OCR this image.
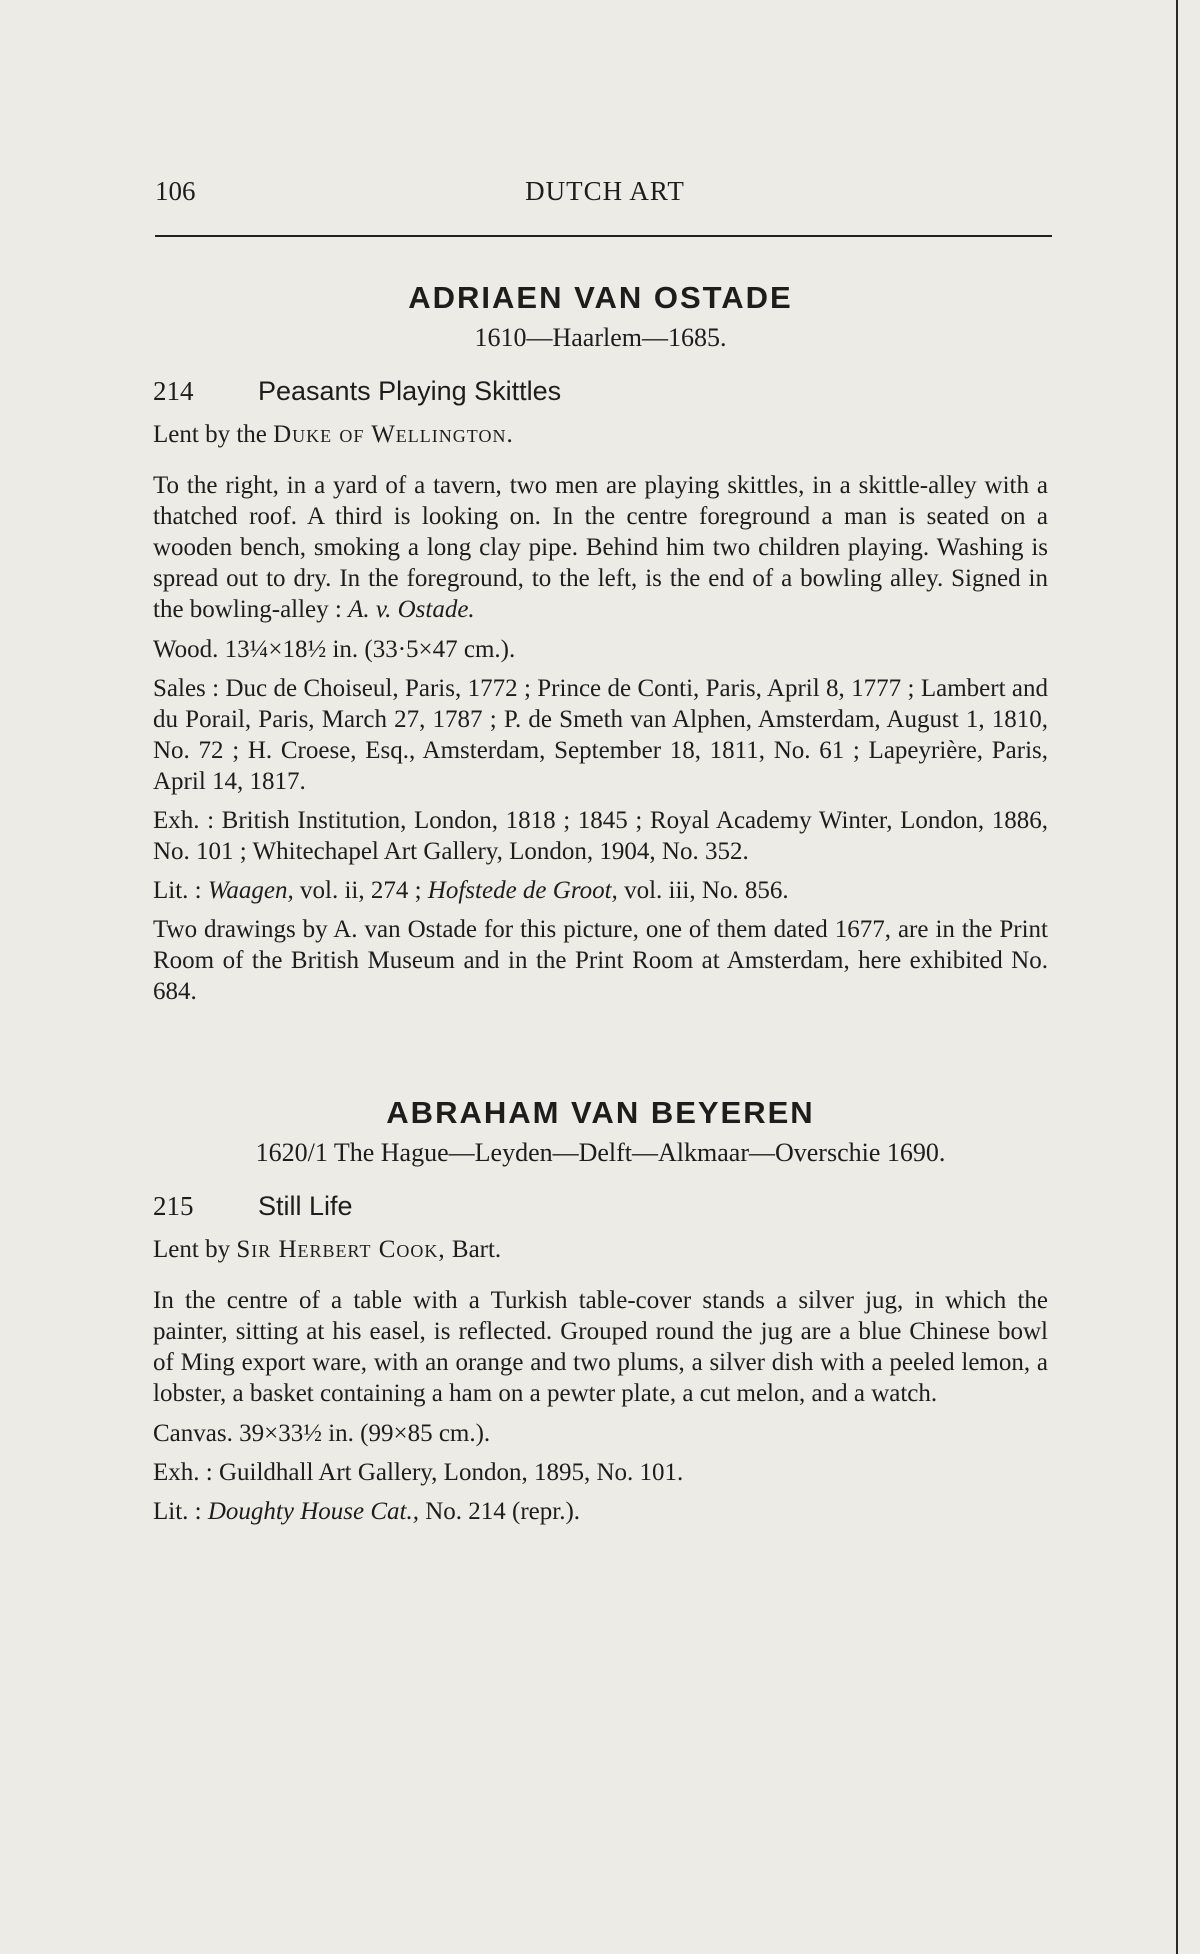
106	DUTCH ART
ADRIAEN VAN OSTADE
1610—Haarlem—1685.
214	Peasants Playing Skittles
Lent by the Duke of Wellington.

To the right, in a yard of a tavern, two men are playing skittles, in a skittle-alley with a thatched roof. A third is looking on. In the centre foreground a man is seated on a wooden bench, smoking a long clay pipe. Behind him two children playing. Washing is spread out to dry. In the foreground, to the left, is the end of a bowling alley. Signed in the bowling-alley : A. v. Ostade.

Wood. 13¼×18½ in. (33·5×47 cm.).

Sales : Duc de Choiseul, Paris, 1772 ; Prince de Conti, Paris, April 8, 1777 ; Lambert and du Porail, Paris, March 27, 1787 ; P. de Smeth van Alphen, Amsterdam, August 1, 1810, No. 72 ; H. Croese, Esq., Amsterdam, September 18, 1811, No. 61 ; Lapeyrière, Paris, April 14, 1817.

Exh. : British Institution, London, 1818 ; 1845 ; Royal Academy Winter, London, 1886, No. 101 ; Whitechapel Art Gallery, London, 1904, No. 352.

Lit. : Waagen, vol. ii, 274 ; Hofstede de Groot, vol. iii, No. 856.

Two drawings by A. van Ostade for this picture, one of them dated 1677, are in the Print Room of the British Museum and in the Print Room at Amsterdam, here exhibited No. 684.

ABRAHAM VAN BEYEREN
1620/1 The Hague—Leyden—Delft—Alkmaar—Overschie 1690.
215	Still Life
Lent by Sir Herbert Cook, Bart.

In the centre of a table with a Turkish table-cover stands a silver jug, in which the painter, sitting at his easel, is reflected. Grouped round the jug are a blue Chinese bowl of Ming export ware, with an orange and two plums, a silver dish with a peeled lemon, a lobster, a basket containing a ham on a pewter plate, a cut melon, and a watch.

Canvas. 39×33½ in. (99×85 cm.).

Exh. : Guildhall Art Gallery, London, 1895, No. 101.

Lit. : Doughty House Cat., No. 214 (repr.).
